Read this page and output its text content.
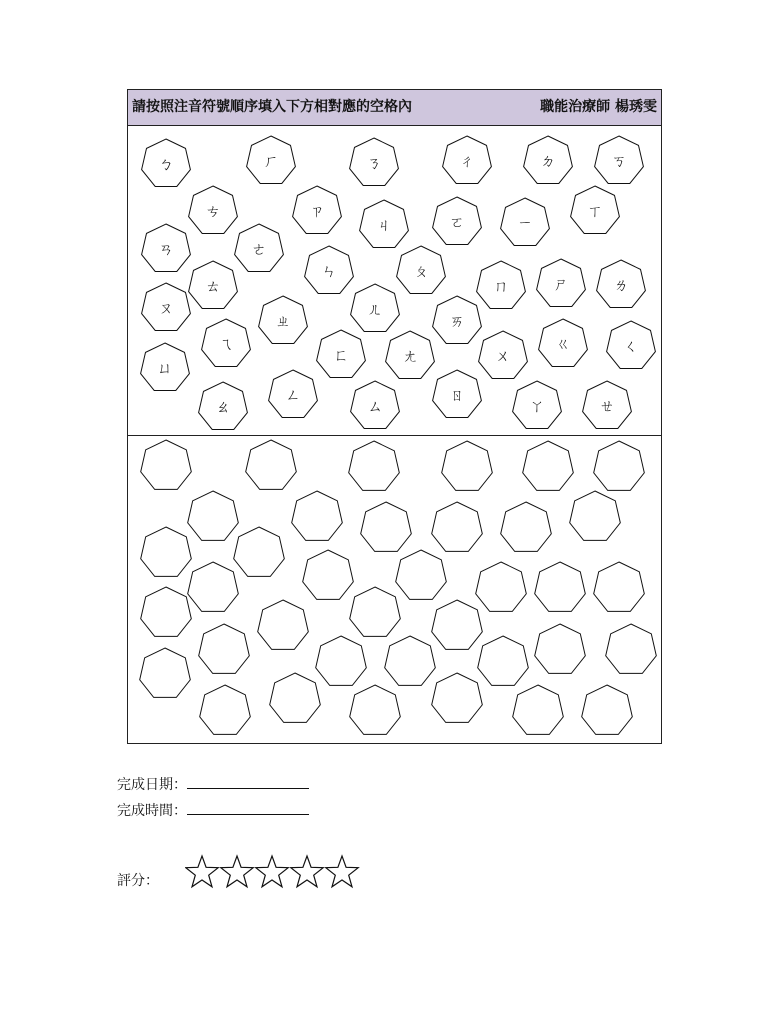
請按照注音符號順序填入下方相對應的空格內	職能治療師 楊琇雯
ㄅ	ㄏ	ㄋ	ㄔ	ㄉ	ㄎ
ㄘ	ㄗ
ㄐ	ㄛ	ㄧ
ㄒ
ㄢ	ㄜ
ㄣ	ㄆ
ㄇ	ㄕ	ㄌ
ㄊ
ㄡ
ㄓ
ㄦ
ㄞ
ㄟ
ㄈ	ㄤ	ㄨ
ㄍ	ㄑ
ㄩ
ㄠ
ㄥ
ㄙ
ㄖ
ㄚ	ㄝ
完成日期：
完成時間：
評分：
